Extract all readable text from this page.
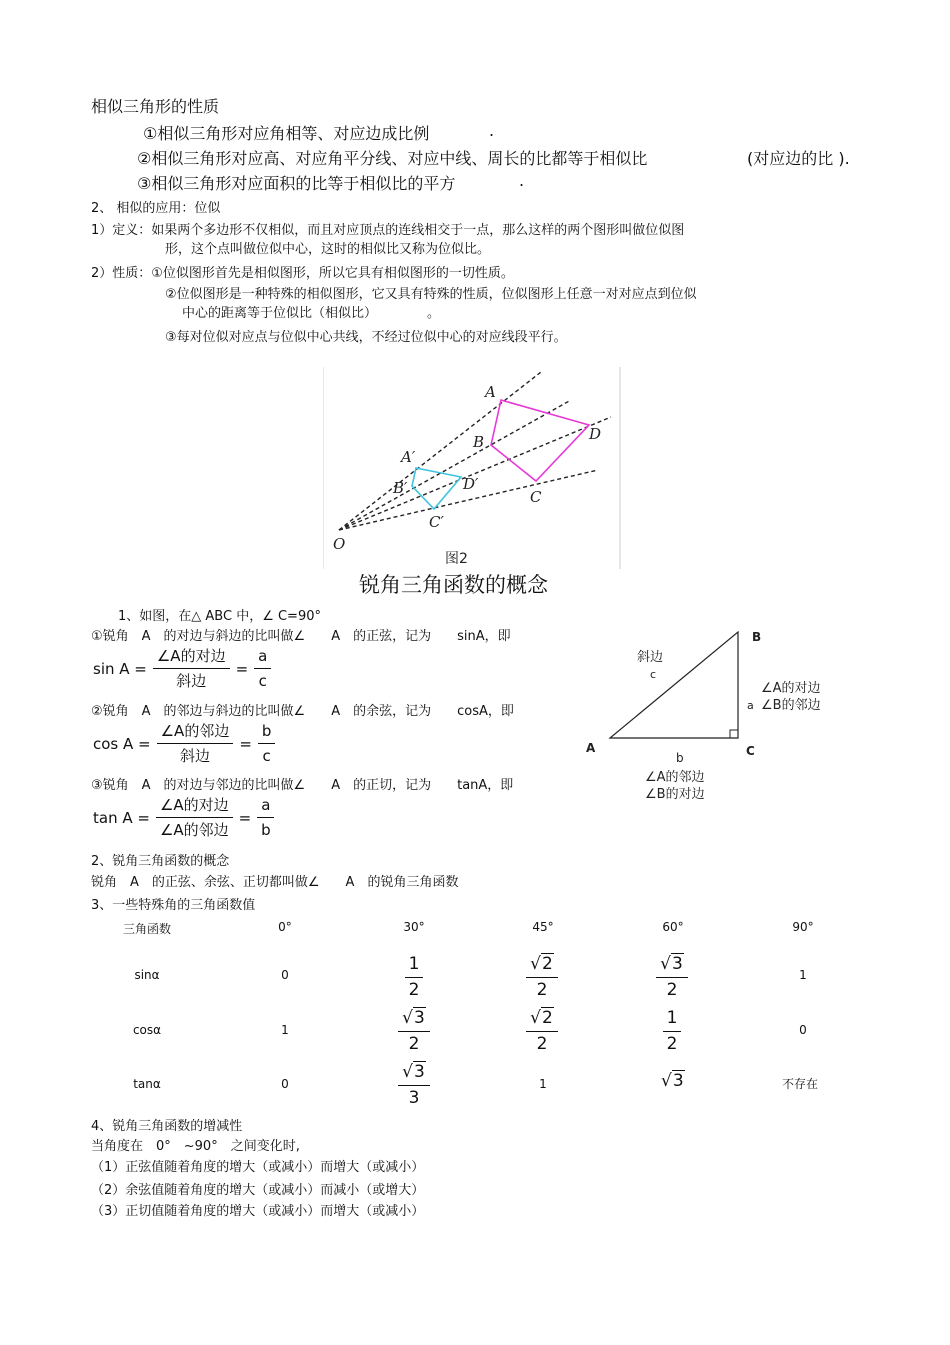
相似三角形的性质
①相似三角形对应角相等、对应边成比例	.
②相似三角形对应高、对应角平分线、对应中线、周长的比都等于相似比	(对应边的比 ).
③相似三角形对应面积的比等于相似比的平方	.
2、 相似的应用：位似
1）定义：如果两个多边形不仅相似，而且对应顶点的连线相交于一点，那么这样的两个图形叫做位似图
形，这个点叫做位似中心，这时的相似比又称为位似比。
2）性质：①位似图形首先是相似图形，所以它具有相似图形的一切性质。
②位似图形是一种特殊的相似图形，它又具有特殊的性质，位似图形上任意一对对应点到位似
中心的距离等于位似比（相似比）	。
③每对位似对应点与位似中心共线，不经过位似中心的对应线段平行。
A
B
C
D
A′
B′
C′
D′
O
图2
锐角三角函数的概念
1、如图，在△ ABC 中，∠ C=90°
①锐角　A　的对边与斜边的比叫做∠　　A　的正弦，记为　　sinA，即
$\sin A = \frac{\text{∠A的对边}}{\text{斜边}} = \frac{a}{c}$
②锐角　A　的邻边与斜边的比叫做∠　　A　的余弦，记为　　cosA，即
$\cos A = \frac{\text{∠A的邻边}}{\text{斜边}} = \frac{b}{c}$
③锐角　A　的对边与邻边的比叫做∠　　A　的正切，记为　　tanA，即
$\tan A = \frac{\text{∠A的对边}}{\text{∠A的邻边}} = \frac{a}{b}$
斜边
c
a
b
A
B
C
∠A的对边
∠B的邻边
∠A的邻边
∠B的对边
2、锐角三角函数的概念
锐角　A　的正弦、余弦、正切都叫做∠　　A　的锐角三角函数
3、一些特殊角的三角函数值
三角函数	0°	30°	45°	60°	90°
sinα	0	$\frac{1}{2}$	$\frac{√2}{2}$	$\frac{√3}{2}$	1
cosα	1	$\frac{√3}{2}$	$\frac{√2}{2}$	$\frac{1}{2}$	0
tanα	0	$\frac{√3}{3}$	1	√3	不存在
4、锐角三角函数的增减性
当角度在　0°　~90°　之间变化时,
（1）正弦值随着角度的增大（或减小）而增大（或减小）
（2）余弦值随着角度的增大（或减小）而减小（或增大）
（3）正切值随着角度的增大（或减小）而增大（或减小）
